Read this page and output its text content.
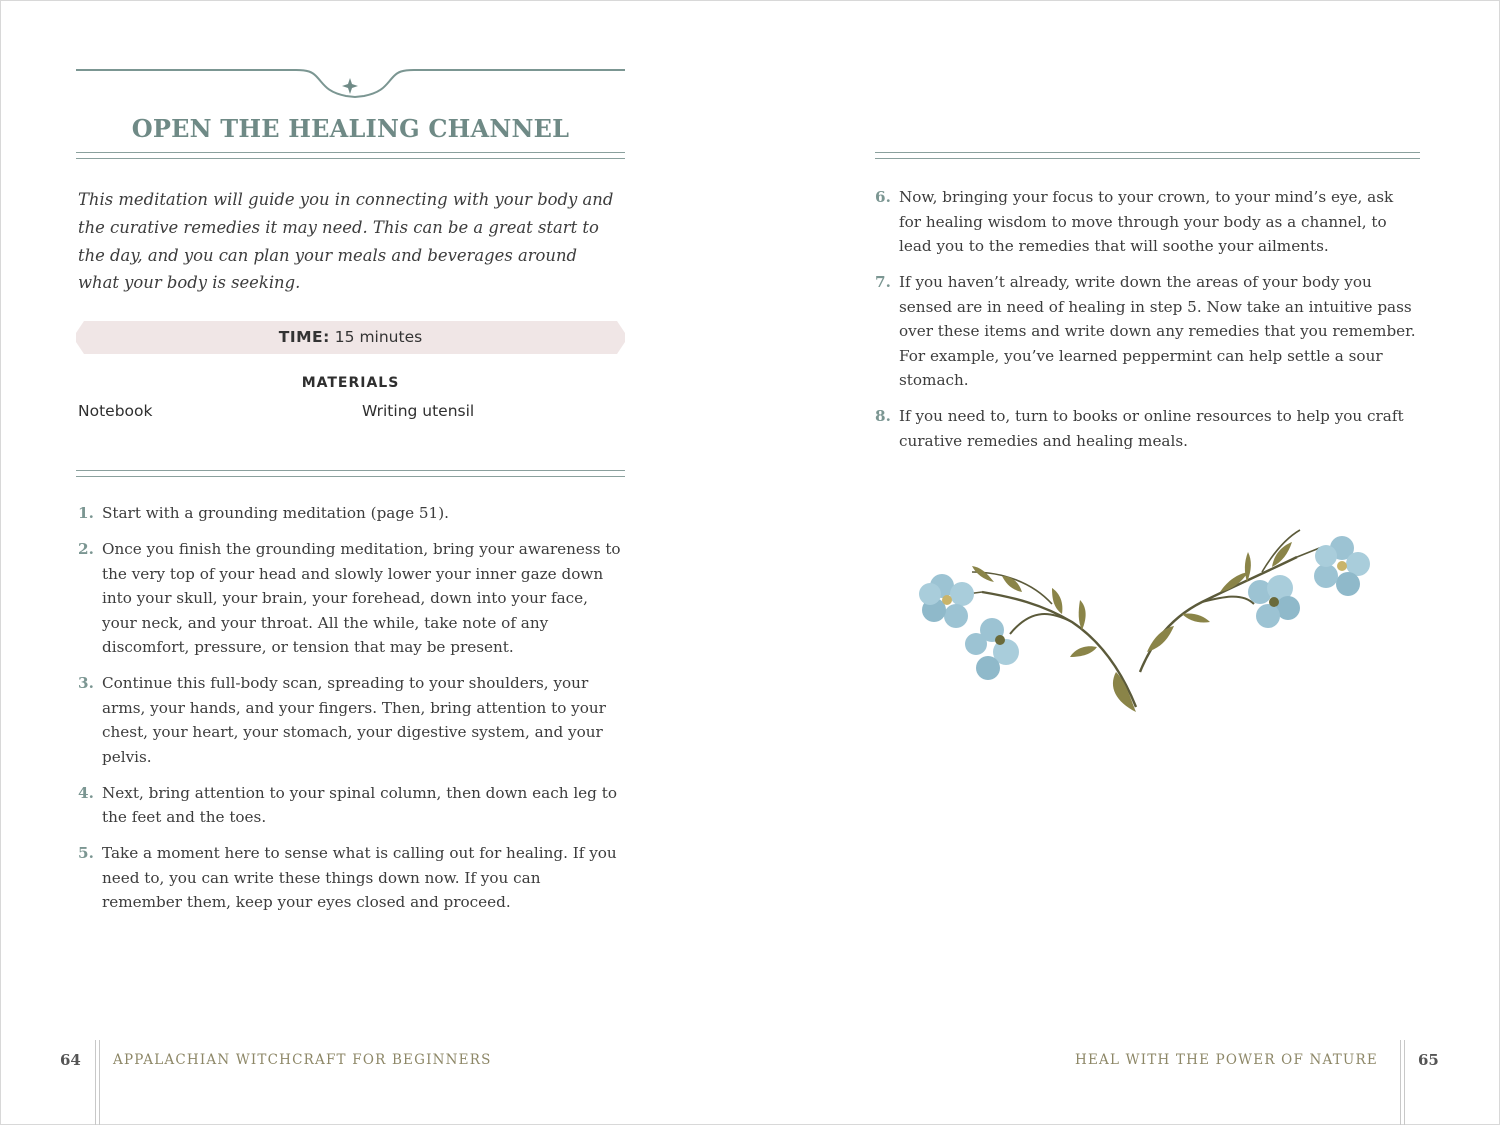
OPEN THE HEALING CHANNEL

This meditation will guide you in connecting with your body and the curative remedies it may need. This can be a great start to the day, and you can plan your meals and beverages around what your body is seeking.

TIME: 15 minutes
MATERIALS
Notebook	Writing utensil
1. Start with a grounding meditation (page 51).
2. Once you finish the grounding meditation, bring your awareness to the very top of your head and slowly lower your inner gaze down into your skull, your brain, your forehead, down into your face, your neck, and your throat. All the while, take note of any discomfort, pressure, or tension that may be present.
3. Continue this full-body scan, spreading to your shoulders, your arms, your hands, and your fingers. Then, bring attention to your chest, your heart, your stomach, your digestive system, and your pelvis.
4. Next, bring attention to your spinal column, then down each leg to the feet and the toes.
5. Take a moment here to sense what is calling out for healing. If you need to, you can write these things down now. If you can remember them, keep your eyes closed and proceed.
64 APPALACHIAN WITCHCRAFT FOR BEGINNERS
6. Now, bringing your focus to your crown, to your mind’s eye, ask for healing wisdom to move through your body as a channel, to lead you to the remedies that will soothe your ailments.
7. If you haven’t already, write down the areas of your body you sensed are in need of healing in step 5. Now take an intuitive pass over these items and write down any remedies that you remember. For example, you’ve learned peppermint can help settle a sour stomach.
8. If you need to, turn to books or online resources to help you craft curative remedies and healing meals.
HEAL WITH THE POWER OF NATURE	65
